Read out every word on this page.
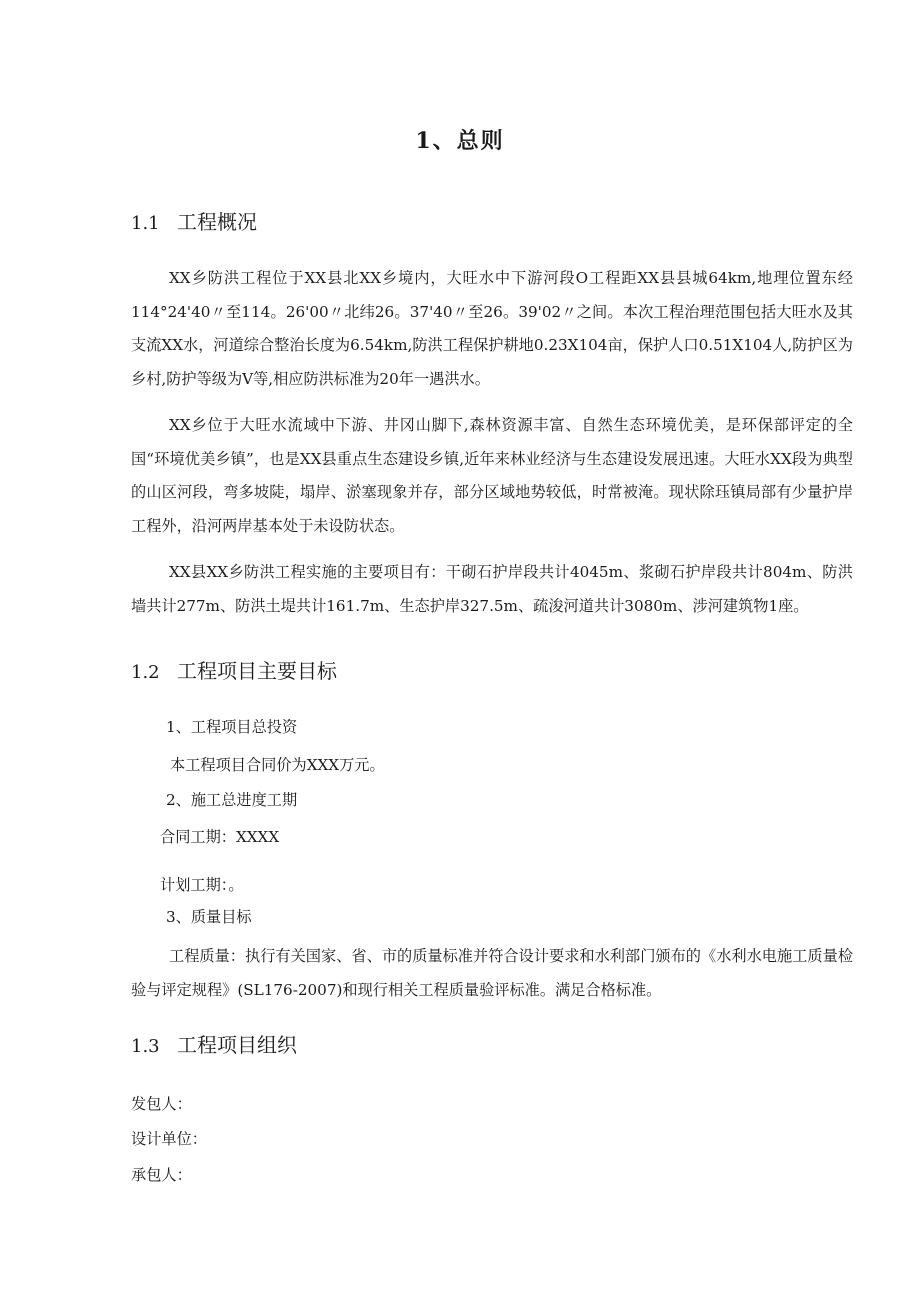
1、总则
1.1 工程概况

XX乡防洪工程位于XX县北XX乡境内，大旺水中下游河段O工程距XX县县城64km,地理位置东经114°24'40〃至114。26'00〃北纬26。37'40〃至26。39'02〃之间。本次工程治理范围包括大旺水及其支流XX水，河道综合整治长度为6.54km,防洪工程保护耕地0.23X104亩，保护人口0.51X104人,防护区为乡村,防护等级为V等,相应防洪标准为20年一遇洪水。

XX乡位于大旺水流域中下游、井冈山脚下,森林资源丰富、自然生态环境优美，是环保部评定的全国“环境优美乡镇”，也是XX县重点生态建设乡镇,近年来林业经济与生态建设发展迅速。大旺水XX段为典型的山区河段，弯多坡陡，塌岸、淤塞现象并存，部分区域地势较低，时常被淹。现状除珏镇局部有少量护岸工程外，沿河两岸基本处于未设防状态。

XX县XX乡防洪工程实施的主要项目有：干砌石护岸段共计4045m、浆砌石护岸段共计804m、防洪墙共计277m、防洪土堤共计161.7m、生态护岸327.5m、疏浚河道共计3080m、涉河建筑物1座。

1.2 工程项目主要目标
1、工程项目总投资
本工程项目合同价为XXX万元。
2、施工总进度工期
合同工期：XXXX
计划工期：。
3、质量目标

工程质量：执行有关国家、省、市的质量标准并符合设计要求和水利部门颁布的《水利水电施工质量检验与评定规程》(SL176-2007)和现行相关工程质量验评标准。满足合格标准。

1.3 工程项目组织
发包人：
设计单位：
承包人：
